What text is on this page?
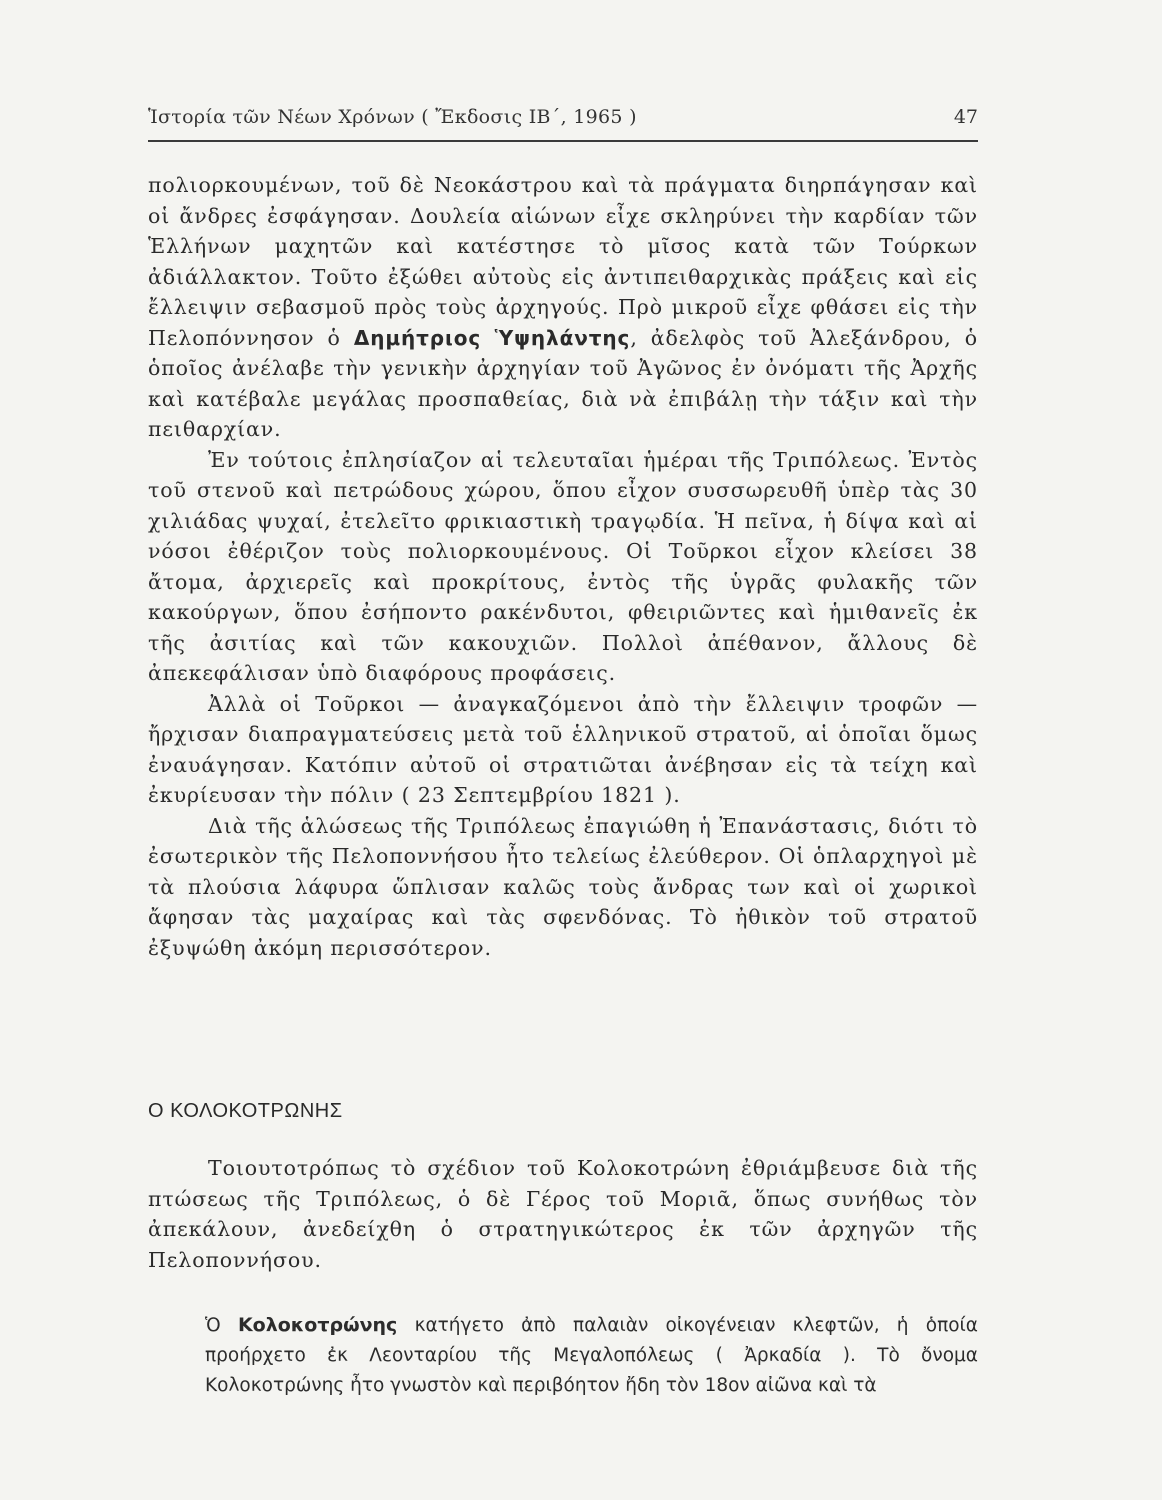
Ἱστορία τῶν Νέων Χρόνων ( Ἔκδοσις ΙΒ΄, 1965 )	47

πολιορκουμένων, τοῦ δὲ Νεοκάστρου καὶ τὰ πράγματα διηρπάγησαν καὶ οἱ ἄνδρες ἐσφάγησαν. Δουλεία αἰώνων εἶχε σκληρύνει τὴν καρδίαν τῶν Ἑλλήνων μαχητῶν καὶ κατέστησε τὸ μῖσος κατὰ τῶν Τούρκων ἀδιάλλακτον. Τοῦτο ἐξώθει αὐτοὺς εἰς ἀντιπειθαρχικὰς πράξεις καὶ εἰς ἔλλειψιν σεβασμοῦ πρὸς τοὺς ἀρχηγούς. Πρὸ μικροῦ εἶχε φθάσει εἰς τὴν Πελοπόννησον ὁ Δημήτριος Ὑψηλάντης, ἀδελφὸς τοῦ Ἀλεξάνδρου, ὁ ὁποῖος ἀνέλαβε τὴν γενικὴν ἀρχηγίαν τοῦ Ἀγῶνος ἐν ὀνόματι τῆς Ἀρχῆς καὶ κατέβαλε μεγάλας προσπαθείας, διὰ νὰ ἐπιβάλῃ τὴν τάξιν καὶ τὴν πειθαρχίαν.

Ἐν τούτοις ἐπλησίαζον αἱ τελευταῖαι ἡμέραι τῆς Τριπόλεως. Ἐντὸς τοῦ στενοῦ καὶ πετρώδους χώρου, ὅπου εἶχον συσσωρευθῆ ὑπὲρ τὰς 30 χιλιάδας ψυχαί, ἐτελεῖτο φρικιαστικὴ τραγῳδία. Ἡ πεῖνα, ἡ δίψα καὶ αἱ νόσοι ἐθέριζον τοὺς πολιορκουμένους. Οἱ Τοῦρκοι εἶχον κλείσει 38 ἄτομα, ἀρχιερεῖς καὶ προκρίτους, ἐντὸς τῆς ὑγρᾶς φυλακῆς τῶν κακούργων, ὅπου ἐσήποντο ρακένδυτοι, φθειριῶντες καὶ ἡμιθανεῖς ἐκ τῆς ἀσιτίας καὶ τῶν κακουχιῶν. Πολλοὶ ἀπέθανον, ἄλλους δὲ ἀπεκεφάλισαν ὑπὸ διαφόρους προφάσεις.

Ἀλλὰ οἱ Τοῦρκοι — ἀναγκαζόμενοι ἀπὸ τὴν ἔλλειψιν τροφῶν — ἤρχισαν διαπραγματεύσεις μετὰ τοῦ ἑλληνικοῦ στρατοῦ, αἱ ὁποῖαι ὅμως ἐναυάγησαν. Κατόπιν αὐτοῦ οἱ στρατιῶται ἀνέβησαν εἰς τὰ τείχη καὶ ἐκυρίευσαν τὴν πόλιν ( 23 Σεπτεμβρίου 1821 ).

Διὰ τῆς ἁλώσεως τῆς Τριπόλεως ἐπαγιώθη ἡ Ἐπανάστασις, διότι τὸ ἐσωτερικὸν τῆς Πελοποννήσου ἦτο τελείως ἐλεύθερον. Οἱ ὁπλαρχηγοὶ μὲ τὰ πλούσια λάφυρα ὥπλισαν καλῶς τοὺς ἄνδρας των καὶ οἱ χωρικοὶ ἄφησαν τὰς μαχαίρας καὶ τὰς σφενδόνας. Τὸ ἠθικὸν τοῦ στρατοῦ ἐξυψώθη ἀκόμη περισσότερον.

Ο ΚΟΛΟΚΟΤΡΩΝΗΣ

Τοιουτοτρόπως τὸ σχέδιον τοῦ Κολοκοτρώνη ἐθριάμβευσε διὰ τῆς πτώσεως τῆς Τριπόλεως, ὁ δὲ Γέρος τοῦ Μοριᾶ, ὅπως συνήθως τὸν ἀπεκάλουν, ἀνεδείχθη ὁ στρατηγικώτερος ἐκ τῶν ἀρχηγῶν τῆς Πελοποννήσου.

Ὁ Κολοκοτρώνης κατήγετο ἀπὸ παλαιὰν οἰκογένειαν κλεφτῶν, ἡ ὁποία προήρχετο ἐκ Λεονταρίου τῆς Μεγαλοπόλεως ( Ἀρκαδία ). Τὸ ὄνομα Κολοκοτρώνης ἦτο γνωστὸν καὶ περιβόητον ἤδη τὸν 18ον αἰῶνα καὶ τὰ
